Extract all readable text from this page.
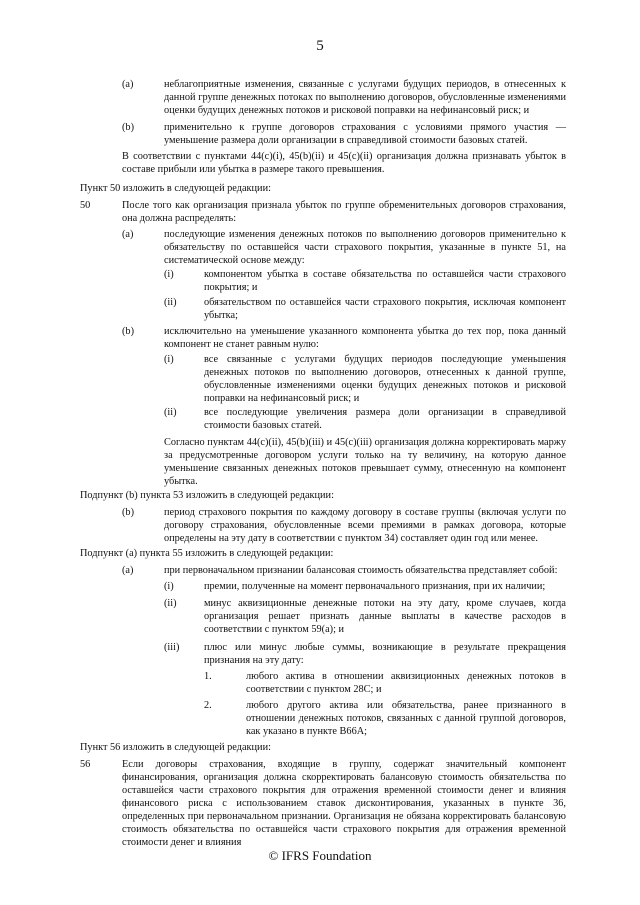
5
(a)	неблагоприятные изменения, связанные с услугами будущих периодов, в отнесенных к данной группе денежных потоках по выполнению договоров, обусловленные изменениями оценки будущих денежных потоков и рисковой поправки на нефинансовый риск; и

(b)	применительно к группе договоров страхования с условиями прямого участия — уменьшение размера доли организации в справедливой стоимости базовых статей.

В соответствии с пунктами 44(c)(i), 45(b)(ii) и 45(c)(ii) организация должна признавать убыток в составе прибыли или убытка в размере такого превышения.

Пункт 50 изложить в следующей редакции:
50	После того как организация признала убыток по группе обременительных договоров страхования, она должна распределять:

(a)	последующие изменения денежных потоков по выполнению договоров применительно к обязательству по оставшейся части страхового покрытия, указанные в пункте 51, на систематической основе между:

(i)	компонентом убытка в составе обязательства по оставшейся части страхового покрытия; и

(ii)	обязательством по оставшейся части страхового покрытия, исключая компонент убытка;

(b)	исключительно на уменьшение указанного компонента убытка до тех пор, пока данный компонент не станет равным нулю:

(i)	все связанные с услугами будущих периодов последующие уменьшения денежных потоков по выполнению договоров, отнесенных к данной группе, обусловленные изменениями оценки будущих денежных потоков и рисковой поправки на нефинансовый риск; и

(ii)	все последующие увеличения размера доли организации в справедливой стоимости базовых статей.

Согласно пунктам 44(c)(ii), 45(b)(iii) и 45(c)(iii) организация должна корректировать маржу за предусмотренные договором услуги только на ту величину, на которую данное уменьшение связанных денежных потоков превышает сумму, отнесенную на компонент убытка.

Подпункт (b) пункта 53 изложить в следующей редакции:
(b)	период страхового покрытия по каждому договору в составе группы (включая услуги по договору страхования, обусловленные всеми премиями в рамках договора, которые определены на эту дату в соответствии с пунктом 34) составляет один год или менее.

Подпункт (a) пункта 55 изложить в следующей редакции:
(a)	при первоначальном признании балансовая стоимость обязательства представляет собой:

(i)	премии, полученные на момент первоначального признания, при их наличии;

(ii)	минус аквизиционные денежные потоки на эту дату, кроме случаев, когда организация решает признать данные выплаты в качестве расходов в соответствии с пунктом 59(a); и

(iii) плюс или минус любые суммы, возникающие в результате прекращения признания на эту дату:

1.	любого актива в отношении аквизиционных денежных потоков в соответствии с пунктом 28C; и

2.	любого другого актива или обязательства, ранее признанного в отношении денежных потоков, связанных с данной группой договоров, как указано в пункте B66A;

Пункт 56 изложить в следующей редакции:
56	Если договоры страхования, входящие в группу, содержат значительный компонент финансирования, организация должна скорректировать балансовую стоимость обязательства по оставшейся части страхового покрытия для отражения временной стоимости денег и влияния финансового риска с использованием ставок дисконтирования, указанных в пункте 36, определенных при первоначальном признании. Организация не обязана корректировать балансовую стоимость обязательства по оставшейся части страхового покрытия для отражения временной стоимости денег и влияния

© IFRS Foundation
